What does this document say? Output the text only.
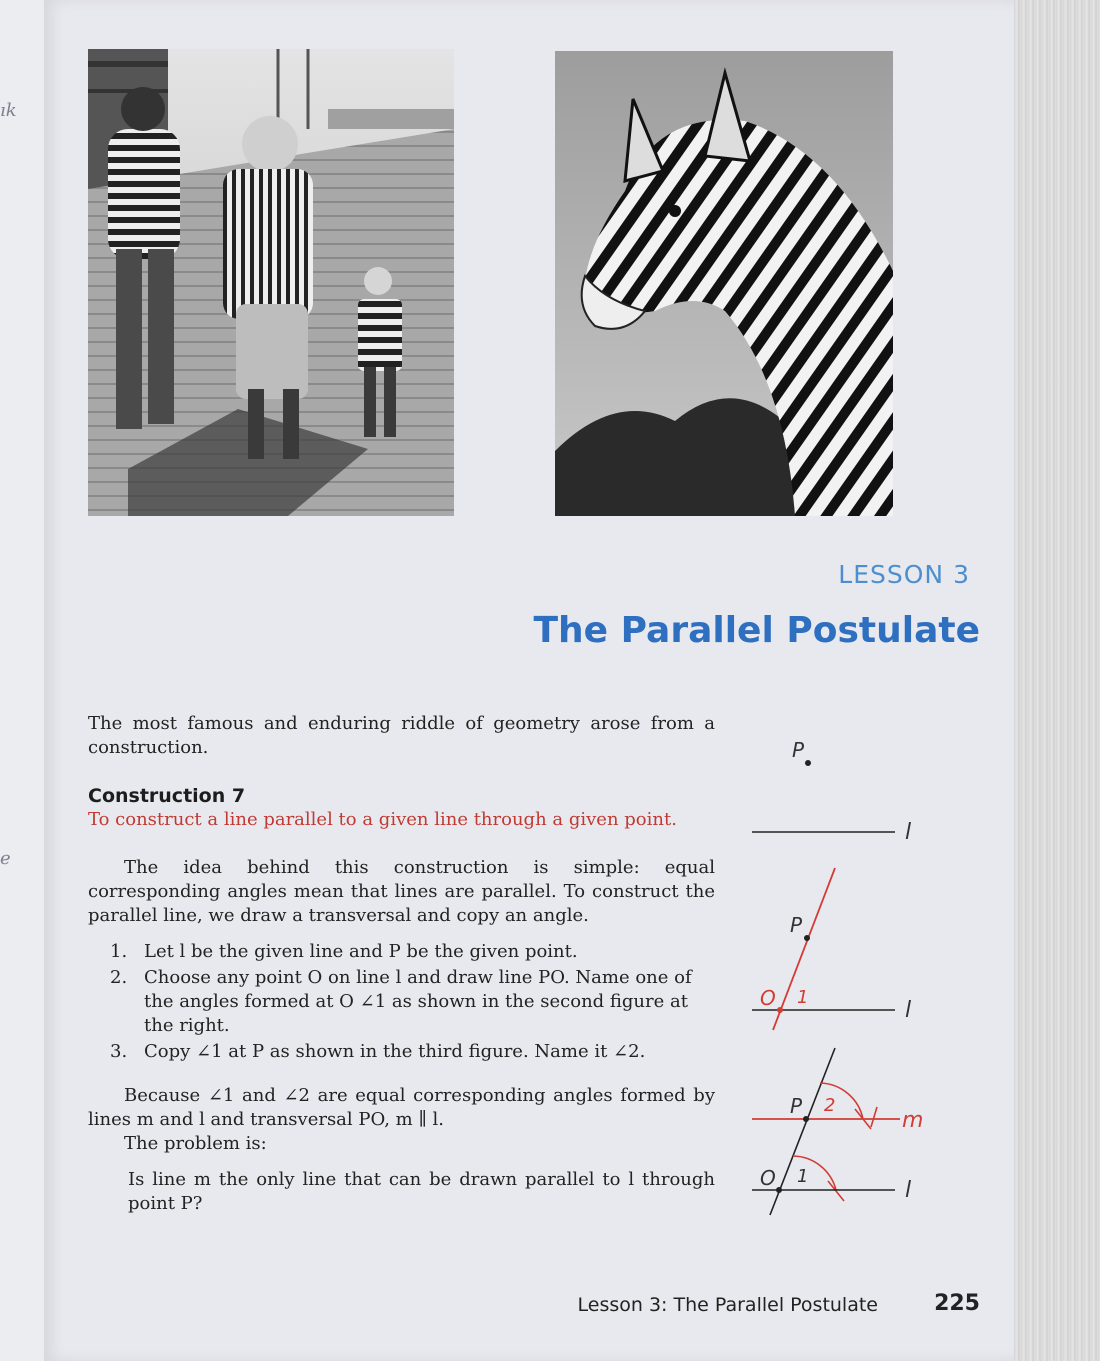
ık
e
LESSON 3
The Parallel Postulate

The most famous and enduring riddle of geometry arose from a construction.

Construction 7

To construct a line parallel to a given line through a given point.

The idea behind this construction is simple: equal corresponding angles mean that lines are parallel. To construct the parallel line, we draw a transversal and copy an angle.

1. Let l be the given line and P be the given point.
2. Choose any point O on line l and draw line PO. Name one of the angles formed at O ∠1 as shown in the second figure at the right.
3. Copy ∠1 at P as shown in the third figure. Name it ∠2.

Because ∠1 and ∠2 are equal corresponding angles formed by lines m and l and transversal PO, m ∥ l.

The problem is:

Is line m the only line that can be drawn parallel to l through point P?

P
l
P
O 1
l
P 2
m
O 1
l
Lesson 3: The Parallel Postulate	225
